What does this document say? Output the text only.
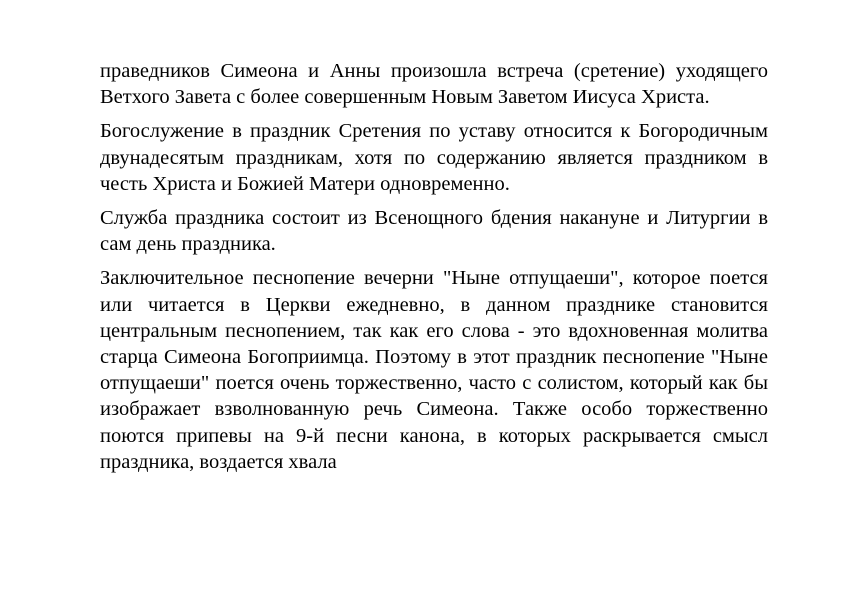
праведников Симеона и Анны произошла встреча (сретение) уходящего Ветхого Завета с более совершенным Новым Заветом Иисуса Христа.

Богослужение в праздник Сретения по уставу относится к Богородичным двунадесятым праздникам, хотя по содержанию является праздником в честь Христа и Божией Матери одновременно.

Служба праздника состоит из Всенощного бдения накануне и Литургии в сам день праздника.

Заключительное песнопение вечерни "Ныне отпущаеши", которое поется или читается в Церкви ежедневно, в данном празднике становится центральным песнопением, так как его слова - это вдохновенная молитва старца Симеона Богоприимца. Поэтому в этот праздник песнопение "Ныне отпущаеши" поется очень торжественно, часто с солистом, который как бы изображает взволнованную речь Симеона. Также особо торжественно поются припевы на 9-й песни канона, в которых раскрывается смысл праздника, воздается хвала
